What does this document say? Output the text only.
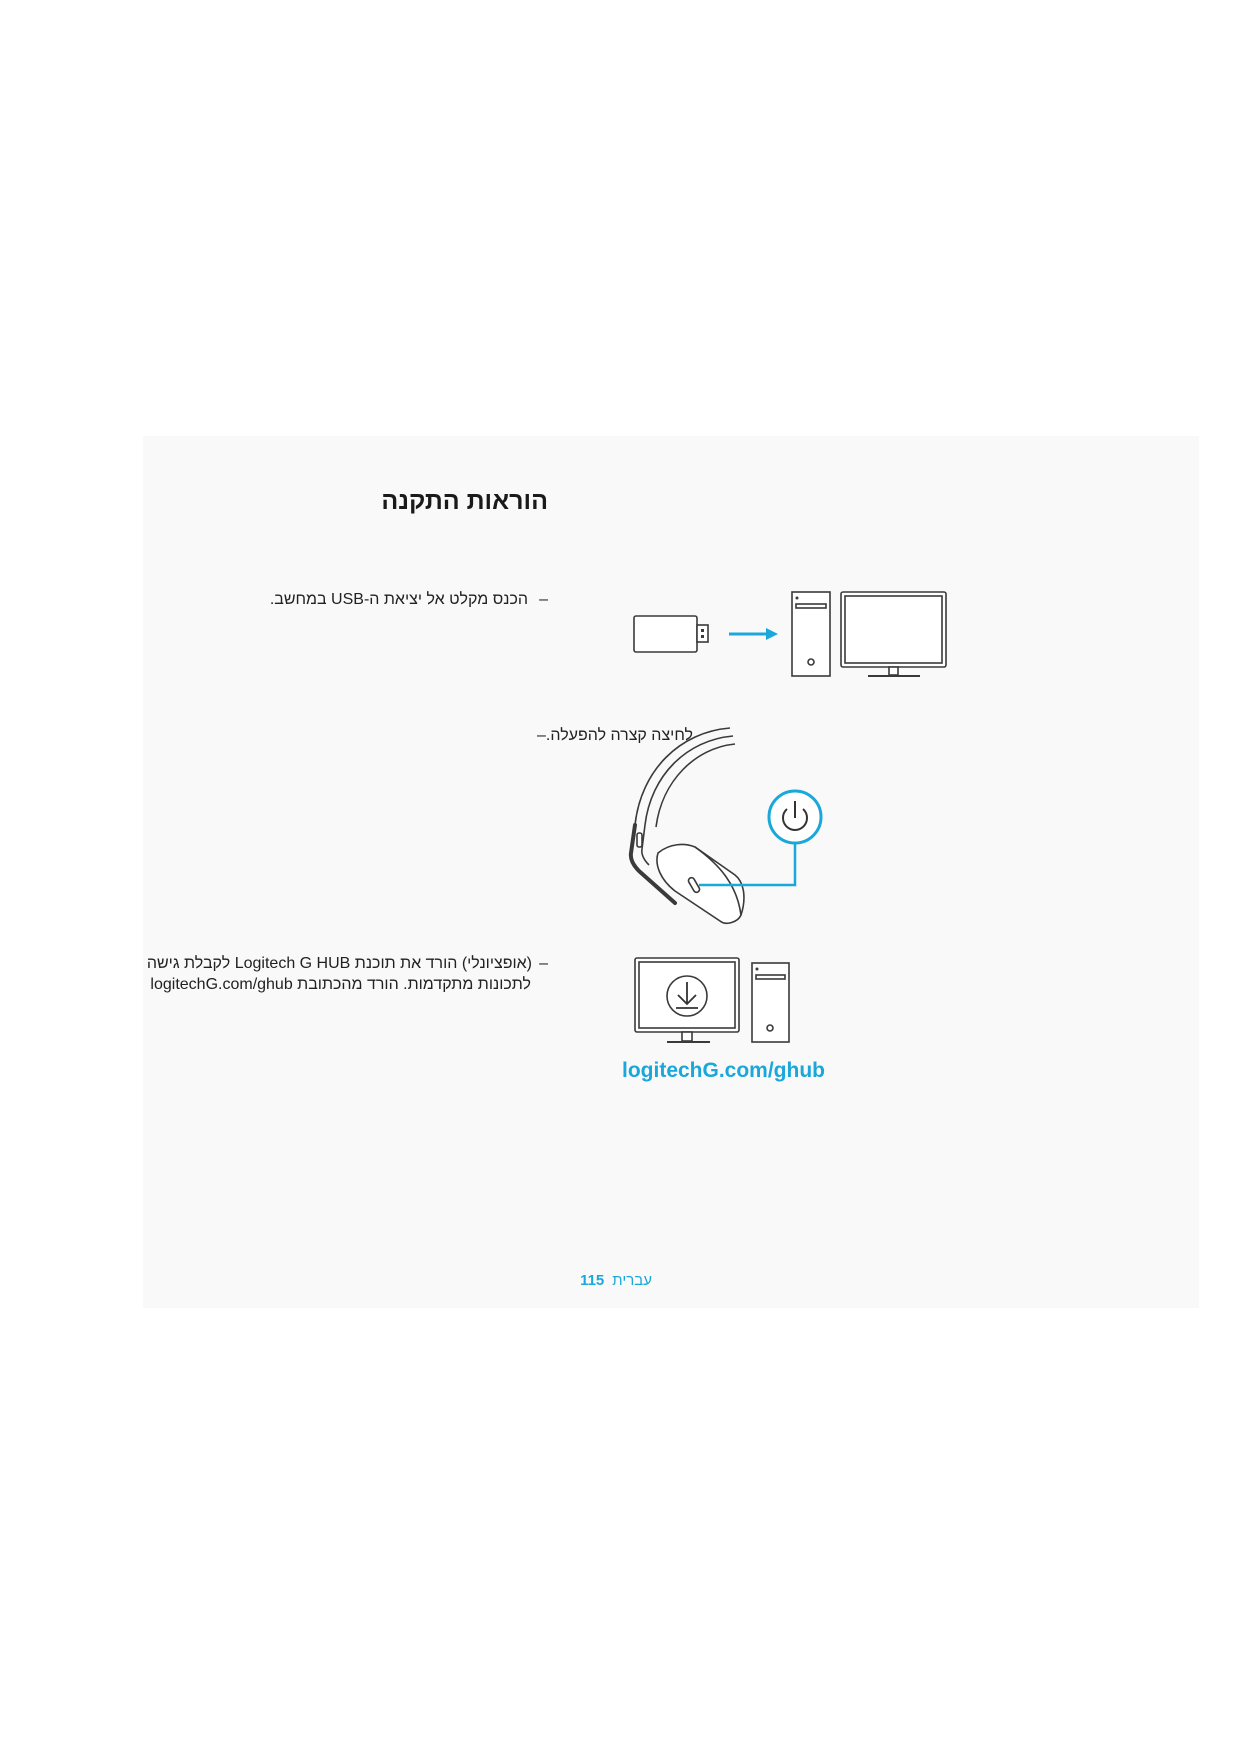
הוראות התקנה
–
הכנס מקלט אל יציאת ה-USB במחשב.
לחיצה קצרה להפעלה.–
–
(אופציונלי) הורד את תוכנת Logitech G HUB לקבלת גישה
לתכונות מתקדמות. הורד מהכתובת logitechG.com/ghub
logitechG.com/ghub
עברית
115
